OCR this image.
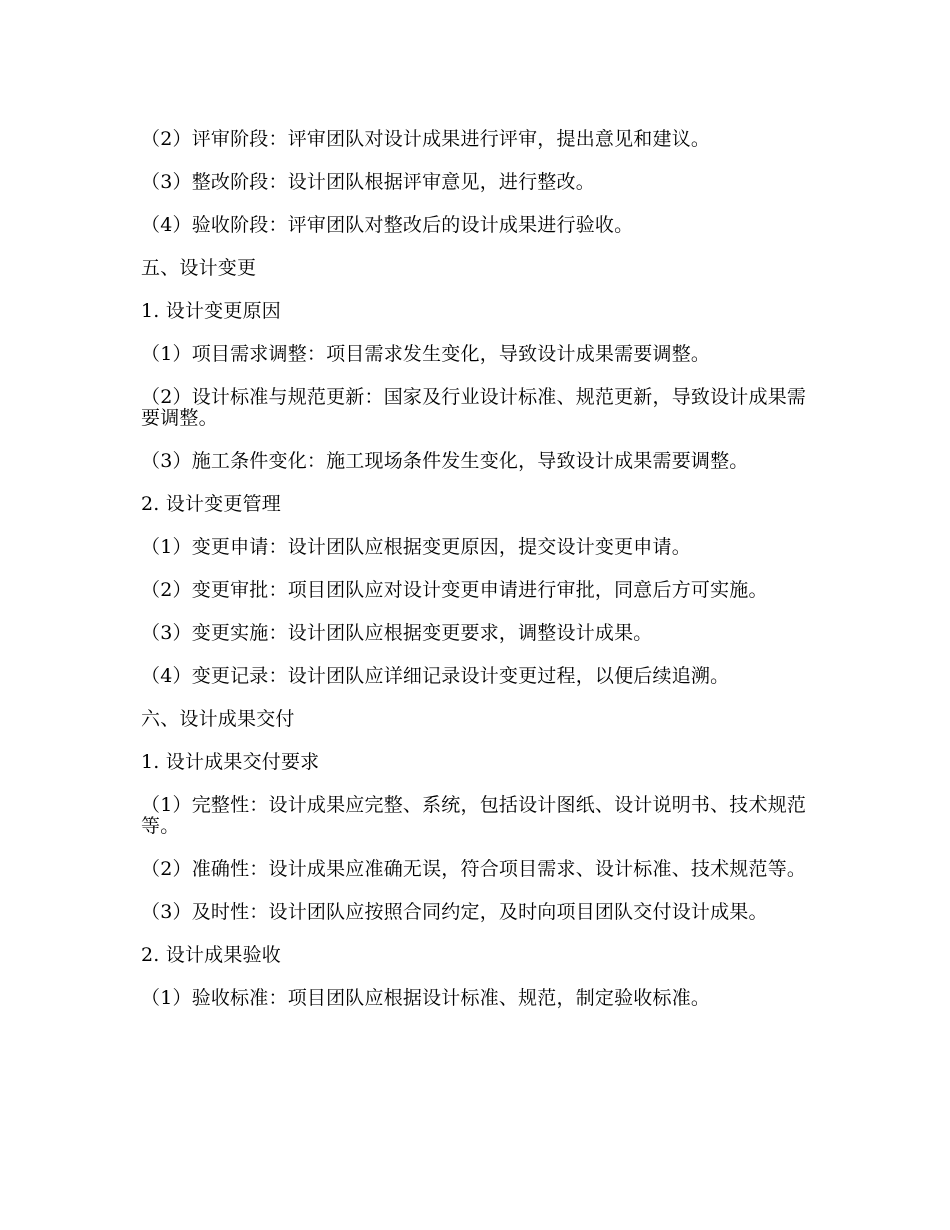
（2）评审阶段：评审团队对设计成果进行评审，提出意见和建议。

（3）整改阶段：设计团队根据评审意见，进行整改。

（4）验收阶段：评审团队对整改后的设计成果进行验收。

五、设计变更

1. 设计变更原因

（1）项目需求调整：项目需求发生变化，导致设计成果需要调整。

（2）设计标准与规范更新：国家及行业设计标准、规范更新，导致设计成果需要调整。

（3）施工条件变化：施工现场条件发生变化，导致设计成果需要调整。

2. 设计变更管理

（1）变更申请：设计团队应根据变更原因，提交设计变更申请。

（2）变更审批：项目团队应对设计变更申请进行审批，同意后方可实施。

（3）变更实施：设计团队应根据变更要求，调整设计成果。

（4）变更记录：设计团队应详细记录设计变更过程，以便后续追溯。

六、设计成果交付

1. 设计成果交付要求

（1）完整性：设计成果应完整、系统，包括设计图纸、设计说明书、技术规范等。

（2）准确性：设计成果应准确无误，符合项目需求、设计标准、技术规范等。

（3）及时性：设计团队应按照合同约定，及时向项目团队交付设计成果。

2. 设计成果验收

（1）验收标准：项目团队应根据设计标准、规范，制定验收标准。
